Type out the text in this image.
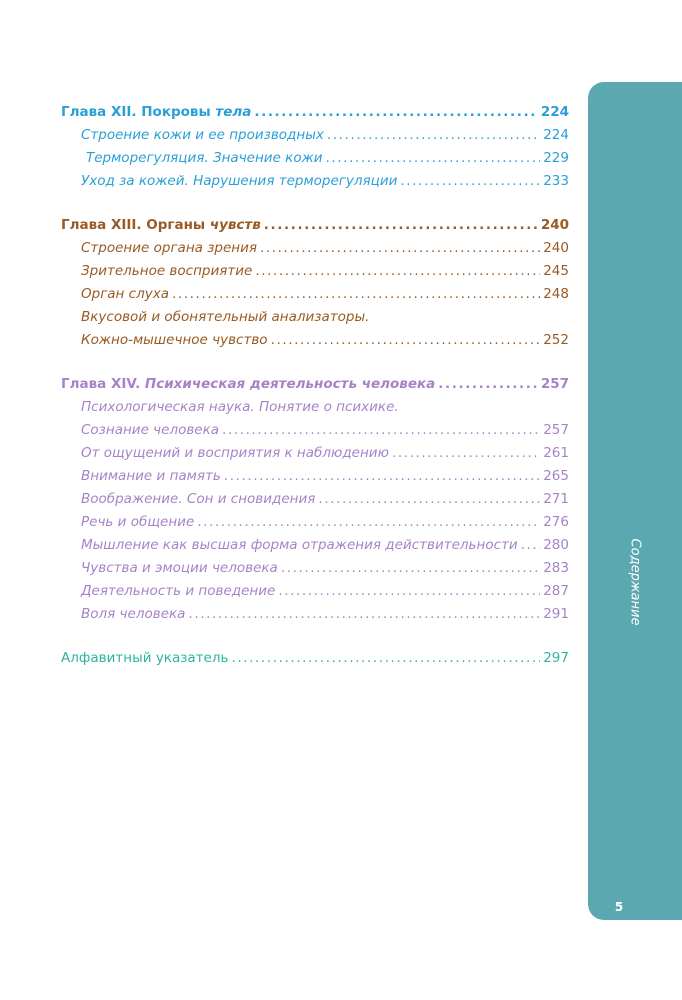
Глава XII. Покровы тела .....	224
Строение кожи и ее производных .....	224
Терморегуляция. Значение кожи .....	229
Уход за кожей. Нарушения терморегуляции .....	233
Глава XIII. Органы чувств .....	240
Строение органа зрения .....	240
Зрительное восприятие .....	245
Орган слуха .....	248
Вкусовой и обонятельный анализаторы.
Кожно-мышечное чувство .....	252
Глава XIV. Психическая деятельность человека .....	257
Психологическая наука. Понятие о психике.
Сознание человека .....	257
От ощущений и восприятия к наблюдению .....	261
Внимание и память .....	265
Воображение. Сон и сновидения .....	271
Речь и общение .....	276
Мышление как высшая форма отражения действительности ..... 280
Чувства и эмоции человека .....	283
Деятельность и поведение .....	287
Воля человека .....	291
Алфавитный указатель .....	297
Содержание
5
